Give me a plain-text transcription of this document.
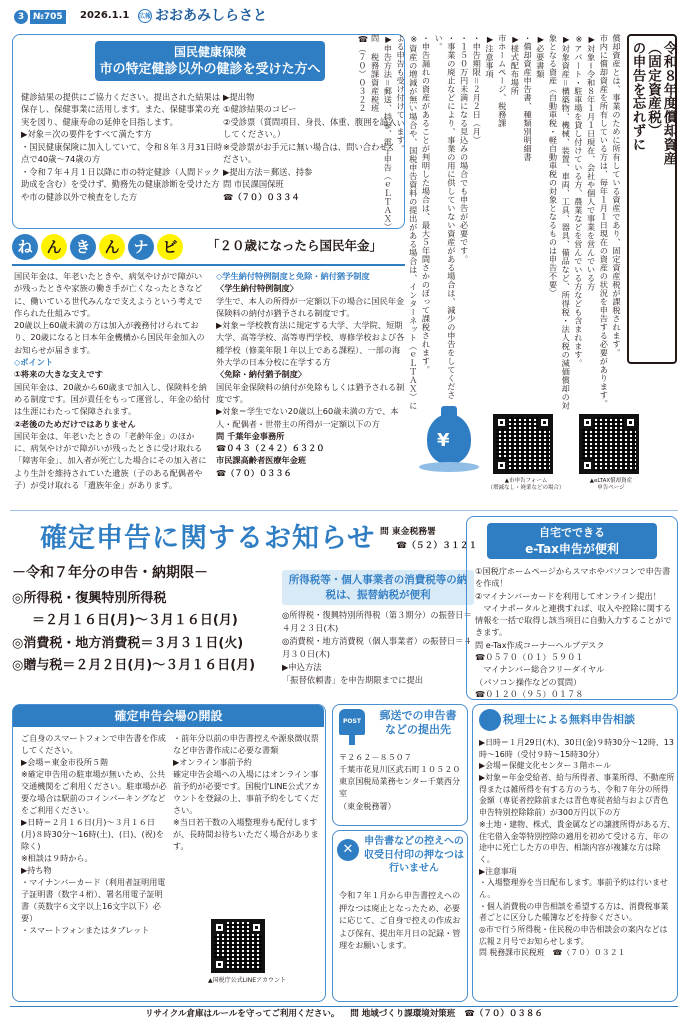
3 №705	2026.1.1 広報 おおあみしらさと
国民健康保険
市の特定健診以外の健診を受けた方へ
健診結果の提供にご協力ください。提出された結果は保存し、保健事業に活用します。また、保健事業の充実を図り、健康寿命の延伸を目指します。
▶対象＝次の要件をすべて満たす方
・国民健康保険に加入していて、令和８年３月31日時点で40歳～74歳の方
・令和７年４月１日以降に市の特定健診（人間ドック助成を含む）を受けず、勤務先の健康診断を受けた方や市の健診以外で検査をした方
▶提出物
①健診結果のコピー
②受診票（質問項目、身長、体重、腹囲を記入してください。）
※受診票がお手元に無い場合は、問い合わせください。
▶提出方法＝郵送、持参
問 市民課国保班
☎（７０）０３３４
ね ん き ん ナ ビ	「２０歳になったら国民年金」
国民年金は、年老いたときや、病気やけがで障がいが残ったときや家族の働き手が亡くなったときなどに、働いている世代みんなで支えようという考えで作られた仕組みです。
20歳以上60歳未満の方は加入が義務付けられており、20歳になると日本年金機構から国民年金加入のお知らせが届きます。
◇ポイント
①将来の大きな支えです
国民年金は、20歳から60歳まで加入し、保険料を納める制度です。国が責任をもって運営し、年金の給付は生涯にわたって保障されます。
②老後のためだけではありません
国民年金は、年老いたときの「老齢年金」のほかに、病気やけがで障がいが残ったときに受け取れる「障害年金」、加入者が死亡した場合にその加入者により生計を維持されていた遺族（子のある配偶者や子）が受け取れる「遺族年金」があります。
◇学生納付特例制度と免除・納付猶予制度
〈学生納付特例制度〉
学生で、本人の所得が一定額以下の場合に国民年金保険料の納付が猶予される制度です。
▶対象＝学校教育法に規定する大学、大学院、短期大学、高等学校、高等専門学校、専修学校および各種学校（修業年限１年以上である課程）、一部の海外大学の日本分校に在学する方
〈免除・納付猶予制度〉
国民年金保険料の納付が免除もしくは猶予される制度です。
▶対象＝学生でない20歳以上60歳未満の方で、本人・配偶者・世帯主の所得が一定額以下の方
問 千葉年金事務所
☎０４３（２４２）６３２０
市民課高齢者医療年金班
☎（７０）０３３６
令和８年度償却資産
（固定資産税）
の申告を忘れずに
償却資産とは、事業のために所有している資産であり、固定資産税が課税されます。
市内に償却資産を所有している方は、毎年１月１日現在の資産の状況を申告する必要があります。
▶対象＝令和８年１月１日現在、会社や個人で事業を営んでいる方
※アパート・駐車場を貸し付けている方、農業などを営んでいる方なども含まれます。
▶対象資産＝構築物、機械、装置、車両、工具、器具、備品など、所得税・法人税の減価償却の対象となる資産（自動車税・軽自動車税の対象となるものは申告不要）
▶必要書類
・償却資産申告書、種類別明細書
▶様式配布場所
市ホームページ、税務課
▶注意事項
・申告期限＝２月２日（月）
・１５０万円未満になる見込みの場合でも申告が必要です。
・事業の廃止などにより、事業の用に供していない資産がある場合は、減少の申告をしてください。
・申告漏れの資産があることが判明した場合は、最大５年間さかのぼって課税されます。
※資産の増減が無い場合や、国税申告資料の提出がある場合は、インターネット（ｅＬＴＡＸ）による申告も受け付けています。
▶申告方法＝郵送、持参、電子申告（ｅＬＴＡＸ）
問 税務課資産税班
☎（７０）０３２２
¥
▲市申告フォーム
（増減なし・廃業などの場合）
▲eLTAX償却資産
申告ページ
確定申告に関するお知らせ 問 東金税務署
☎（５２）３１２１
－令和７年分の申告・納期限－
◎所得税・復興特別所得税
＝２月１６日(月)～３月１６日(月)
◎消費税・地方消費税＝３月３１日(火)
◎贈与税＝２月２日(月)～３月１６日(月)
所得税等・個人事業者の消費税等の納税は、振替納税が便利
◎所得税・復興特別所得税（第３期分）の振替日＝４月２３日(木)
◎消費税・地方消費税（個人事業者）の振替日＝４月３０日(木)
▶申込方法
「振替依頼書」を申告期限までに提出
自宅でできる
e-Tax申告が便利
①国税庁ホームページからスマホやパソコンで申告書を作成！
②マイナンバーカードを利用してオンライン提出！
　マイナポータルと連携すれば、収入や控除に関する情報を一括で取得し該当項目に自動入力することができます。
問 e-Tax作成コーナーヘルプデスク
☎０５７０（０１）５９０１
　マイナンバー総合フリーダイヤル
（パソコン操作などの質問）
☎０１２０（９５）０１７８
確定申告会場の開設
ご自身のスマートフォンで申告書を作成してください。
▶会場＝東金市役所５階
※確定申告用の駐車場が無いため、公共交通機関をご利用ください。駐車場が必要な場合は駅前のコインパーキングなどをご利用ください。
▶日時＝２月１６日(月)～３月１６日(月)８時30分～16時(土)、(日)、(祝)を除く)
※相談は９時から。
▶持ち物
・マイナンバーカード（利用者証明用電子証明書（数字４桁）、署名用電子証明書（英数字６文字以上16文字以下）必要）
・スマートフォンまたはタブレット
・前年分以前の申告書控えや源泉徴収票など申告書作成に必要な書類
▶オンライン事前予約
確定申告会場への入場にはオンライン事前予約が必要です。国税庁LINE公式アカウントを登録の上、事前予約をしてください。
※当日若干数の入場整理券も配付しますが、長時間お待ちいただく場合があります。
▲国税庁公式LINEアカウント
POST	郵送での申告書
などの提出先
〒２６２－８５０７
千葉市花見川区武石町１０５２０
東京国税局業務センター千葉西分室
（東金税務署）
✕
申告書などの控えへの
収受日付印の押なつは
行いません
令和７年１月から申告書控えへの押なつは廃止となったため、必要に応じて、ご自身で控えの作成および保有、提出年月日の記録・管理をお願いします。
税理士による無料申告相談
▶日時＝１月29日(木)、30日(金)９時30分～12時、13時～16時（受付９時～15時30分）
▶会場＝保健文化センター３階ホール
▶対象＝年金受給者、給与所得者、事業所得、不動産所得または雑所得を有する方のうち、令和７年分の所得金額（専従者控除前または青色専従者給与および青色申告特別控除除前）が300万円以下の方
※土地・建物、株式、貴金属などの譲渡所得がある方、住宅借入金等特別控除の適用を初めて受ける方、年の途中に死亡した方の申告、相談内容が複雑な方は除く。
▶注意事項
・入場整理券を当日配布します。事前予約は行いません。
・個人消費税の申告相談を希望する方は、消費税事業者ごとに区分した帳簿などを持参ください。
◎市で行う所得税・住民税の申告相談会の案内などは広報２月号でお知らせします。
問 税務課市民税班　☎（７０）０３２１
リサイクル倉庫はルールを守ってご利用ください。 問 地域づくり課環境対策班 ☎（７０）０３８６
